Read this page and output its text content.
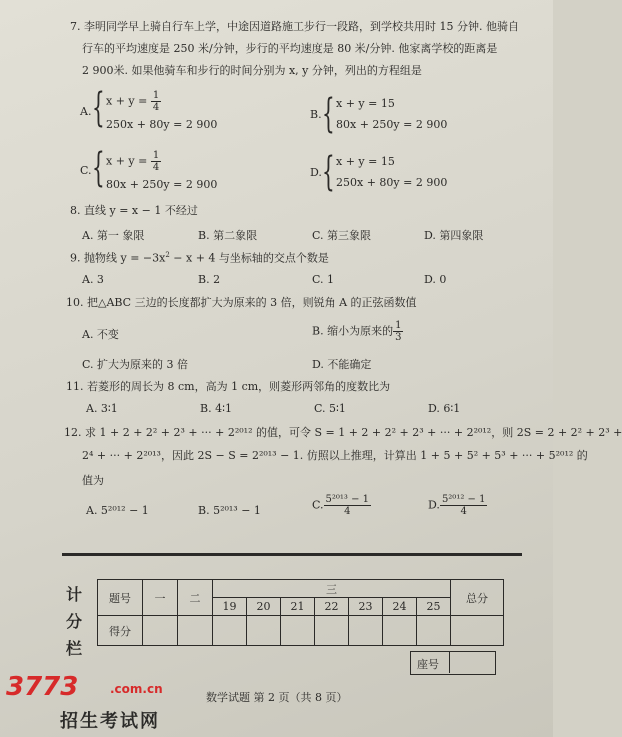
7. 李明同学早上骑自行车上学，中途因道路施工步行一段路，到学校共用时 15 分钟. 他骑自
行车的平均速度是 250 米/分钟，步行的平均速度是 80 米/分钟. 他家离学校的距离是
2 900米. 如果他骑车和步行的时间分别为 x, y 分钟，列出的方程组是
A. { $x + y = \frac{1}{4}$
250x + 80y = 2 900
B. { x + y = 15
80x + 250y = 2 900
C. { $x + y = \frac{1}{4}$
80x + 250y = 2 900
D. { x + y = 15
250x + 80y = 2 900
8. 直线 y = x − 1 不经过
A. 第一 象限	B. 第二象限	C. 第三象限	D. 第四象限
9. 抛物线 $y = -3x^2 - x + 4$ 与坐标轴的交点个数是
A. 3	B. 2	C. 1	D. 0
10. 把△ABC 三边的长度都扩大为原来的 3 倍，则锐角 A 的正弦函数值
A. 不变	B. 缩小为原来的 $\frac{1}{3}$
C. 扩大为原来的 3 倍	D. 不能确定
11. 若菱形的周长为 8 cm，高为 1 cm，则菱形两邻角的度数比为
A. 3∶1	B. 4∶1	C. 5∶1	D. 6∶1
12. 求 1 + 2 + 2² + 2³ + ··· + 2²⁰¹² 的值，可令 S = 1 + 2 + 2² + 2³ + ··· + 2²⁰¹²，则 2S = 2 + 2² + 2³ +
2⁴ + ··· + 2²⁰¹³，因此 2S − S = 2²⁰¹³ − 1. 仿照以上推理，计算出 1 + 5 + 5² + 5³ + ··· + 5²⁰¹² 的
值为
A. 5²⁰¹² − 1	B. 5²⁰¹³ − 1	C. $\frac{\text{5²⁰¹³ − 1}}{4}$	D. $\frac{\text{5²⁰¹² − 1}}{4}$
计
分
栏
题号	一	二	三							总分
			19	20	21	22	23	24	25	
得分										
座号
数学试题 第 2 页（共 8 页）
3773	.com.cn
招生考试网
